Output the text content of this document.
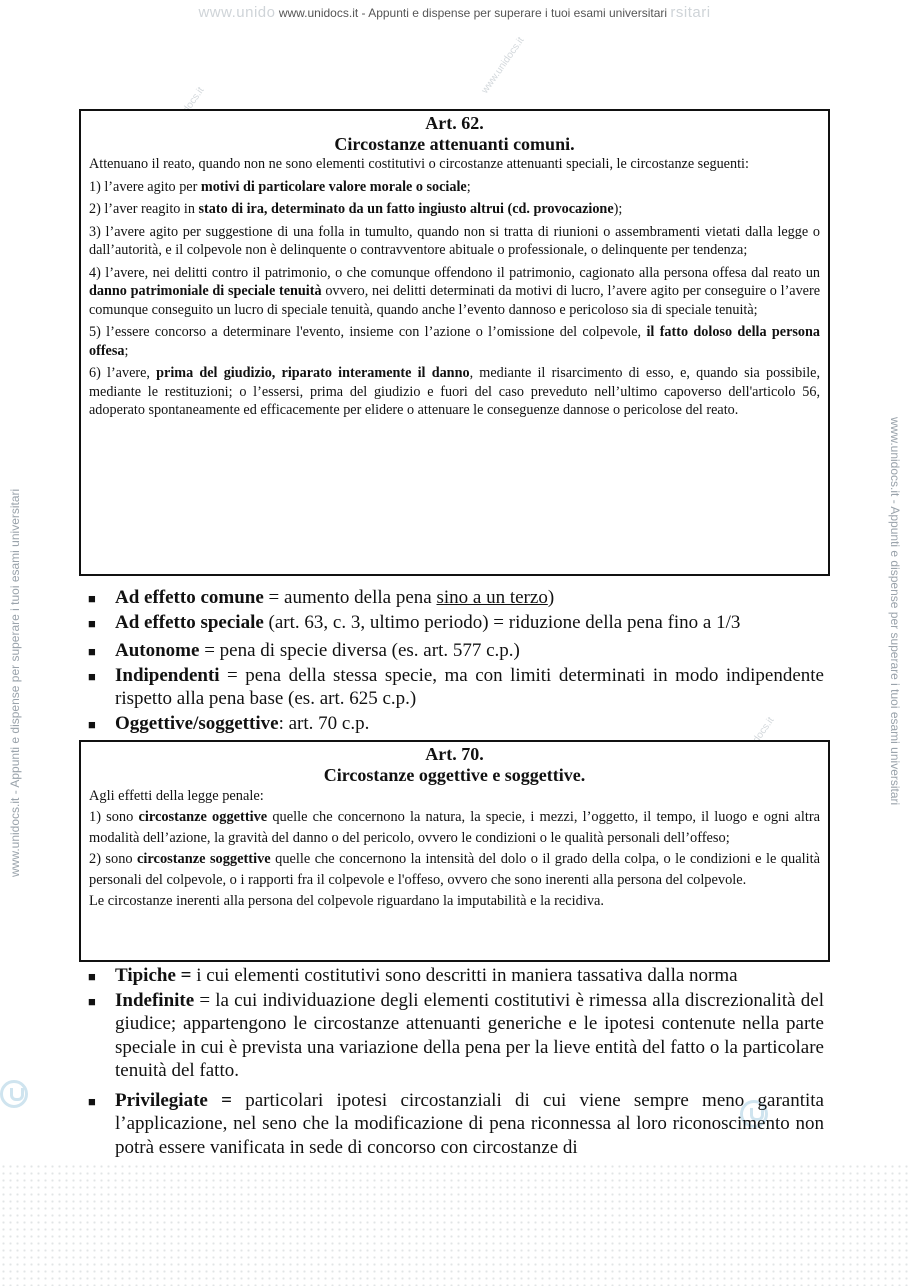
www.unido www.unidocs.it - Appunti e dispense per superare i tuoi esami universitari rsitari
www.unidocs.it - Appunti e dispense per superare i tuoi esami universitari	www.unidocs.it - Appunti e dispense per superare i tuoi esami universitari
www.unidocs.it
Art. 62.
Circostanze attenuanti comuni.

Attenuano il reato, quando non ne sono elementi costitutivi o circostanze attenuanti speciali, le circostanze seguenti:

1) l’avere agito per motivi di particolare valore morale o sociale;

2) l’aver reagito in stato di ira, determinato da un fatto ingiusto altrui (cd. provocazione);

3) l’avere agito per suggestione di una folla in tumulto, quando non si tratta di riunioni o assembramenti vietati dalla legge o dall’autorità, e il colpevole non è delinquente o contravventore abituale o professionale, o delinquente per tendenza;

4) l’avere, nei delitti contro il patrimonio, o che comunque offendono il patrimonio, cagionato alla persona offesa dal reato un danno patrimoniale di speciale tenuità ovvero, nei delitti determinati da motivi di lucro, l’avere agito per conseguire o l’avere comunque conseguito un lucro di speciale tenuità, quando anche l’evento dannoso e pericoloso sia di speciale tenuità;

5) l’essere concorso a determinare l'evento, insieme con l’azione o l’omissione del colpevole, il fatto doloso della persona offesa;

6) l’avere, prima del giudizio, riparato interamente il danno, mediante il risarcimento di esso, e, quando sia possibile, mediante le restituzioni; o l’essersi, prima del giudizio e fuori del caso preveduto nell’ultimo capoverso dell'articolo 56, adoperato spontaneamente ed efficacemente per elidere o attenuare le conseguenze dannose o pericolose del reato.

■ Ad effetto comune = aumento della pena sino a un terzo)
■ Ad effetto speciale (art. 63, c. 3, ultimo periodo) = riduzione della pena fino a 1/3
■ Autonome = pena di specie diversa (es. art. 577 c.p.)
■ Indipendenti = pena della stessa specie, ma con limiti determinati in modo indipendente rispetto alla pena base (es. art. 625 c.p.)
■ Oggettive/soggettive: art. 70 c.p.
Art. 70.
Circostanze oggettive e soggettive.

Agli effetti della legge penale:

1) sono circostanze oggettive quelle che concernono la natura, la specie, i mezzi, l’oggetto, il tempo, il luogo e ogni altra modalità dell’azione, la gravità del danno o del pericolo, ovvero le condizioni o le qualità personali dell’offeso;

2) sono circostanze soggettive quelle che concernono la intensità del dolo o il grado della colpa, o le condizioni e le qualità personali del colpevole, o i rapporti fra il colpevole e l'offeso, ovvero che sono inerenti alla persona del colpevole.

Le circostanze inerenti alla persona del colpevole riguardano la imputabilità e la recidiva.

■ Tipiche = i cui elementi costitutivi sono descritti in maniera tassativa dalla norma
■ Indefinite = la cui individuazione degli elementi costitutivi è rimessa alla discrezionalità del giudice; appartengono le circostanze attenuanti generiche e le ipotesi contenute nella parte speciale in cui è prevista una variazione della pena per la lieve entità del fatto o la particolare tenuità del fatto.
■ Privilegiate = particolari ipotesi circostanziali di cui viene sempre meno garantita l’applicazione, nel seno che la modificazione di pena riconnessa al loro riconoscimento non potrà essere vanificata in sede di concorso con circostanze di
